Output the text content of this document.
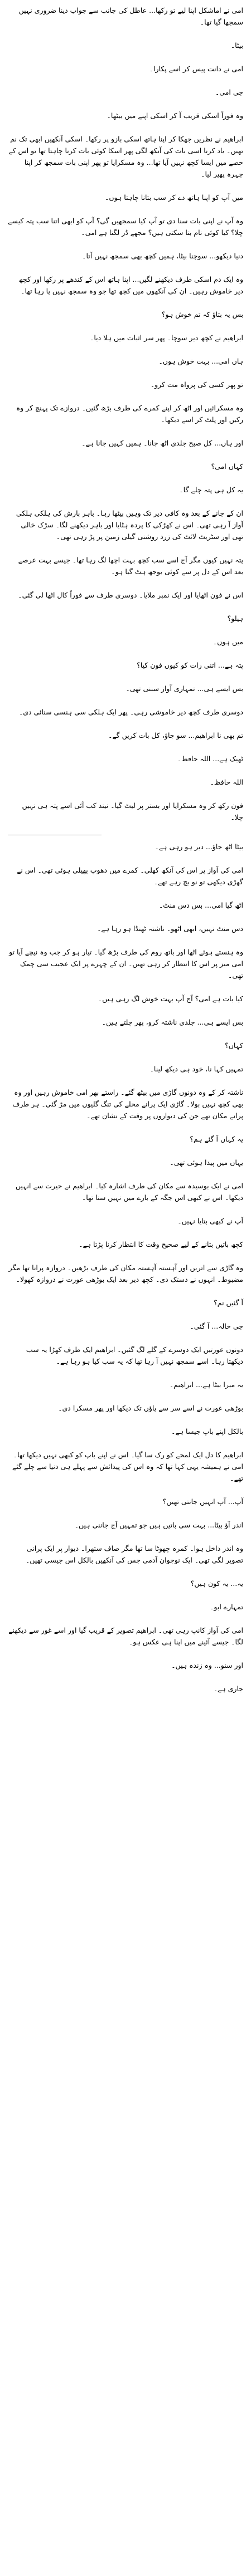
امی نے اماشکل اپنا لیے تو رکھا... عاطل کی جانب سے جواب دینا ضروری نہیں سمجھا گیا تھا۔

بیٹا۔

امی نے دانت پیس کر اسے پکارا۔

جی امی۔

وہ فوراً اسکی قریب آ کر اسکی اپنے میں بیٹھا۔

ابراھیم نے نظریں جھکا کر اپنا ہاتھ اسکی بازو پر رکھا۔ اسکی آنکھیں ابھی تک نم تھیں۔ یاد کرنا اسی بات کی آنکھ لگی پھر اسکا کوئی بات کرنا چاہتا تھا تو اس کے حصے میں ایسا کچھ نہیں آیا تھا... وہ مسکرایا تو پھر اپنی بات سمجھ کر اپنا چہرہ پھیر لیا۔

میں آپ کو اپنا ہاتھ دے کر سب بتانا چاہتا ہوں۔

وہ آپ نے اپنی بات سنا دی تو آپ کیا سمجھیں گی؟ آپ کو ابھی اتنا سب پتہ کیسے چلا؟ کیا کوئی نام بتا سکتی ہیں؟ مجھے ڈر لگتا ہے امی۔

دنیا دیکھو... سوچنا بیٹا، ہمیں کچھ بھی سمجھ نہیں آتا۔

وہ ایک دم اسکی طرف دیکھنے لگیں... اپنا ہاتھ اس کے کندھے پر رکھا اور کچھ دیر خاموش رہیں۔ ان کی آنکھوں میں کچھ تھا جو وہ سمجھ نہیں پا رہا تھا۔

بس یہ بتاؤ کہ تم خوش ہو؟

ابراھیم نے کچھ دیر سوچا۔ پھر سر اثبات میں ہلا دیا۔

ہاں امی... بہت خوش ہوں۔

تو پھر کسی کی پرواہ مت کرو۔

وہ مسکرائیں اور اٹھ کر اپنے کمرے کی طرف بڑھ گئیں۔ دروازے تک پہنچ کر وہ رکیں اور پلٹ کر اسے دیکھا۔

اور ہاں... کل صبح جلدی اٹھ جانا۔ ہمیں کہیں جانا ہے۔

کہاں امی؟

یہ کل ہی پتہ چلے گا۔

ان کے جانے کے بعد وہ کافی دیر تک وہیں بیٹھا رہا۔ باہر بارش کی ہلکی ہلکی آواز آ رہی تھی۔ اس نے کھڑکی کا پردہ ہٹایا اور باہر دیکھنے لگا۔ سڑک خالی تھی اور سٹریٹ لائٹ کی زرد روشنی گیلی زمین پر پڑ رہی تھی۔

پتہ نہیں کیوں مگر آج اسے سب کچھ بہت اچھا لگ رہا تھا۔ جیسے بہت عرصے بعد اس کے دل پر سے کوئی بوجھ ہٹ گیا ہو۔

اس نے فون اٹھایا اور ایک نمبر ملایا۔ دوسری طرف سے فوراً کال اٹھا لی گئی۔

ہیلو؟

میں ہوں۔

پتہ ہے... اتنی رات کو کیوں فون کیا؟

بس ایسے ہی... تمہاری آواز سننی تھی۔

دوسری طرف کچھ دیر خاموشی رہی۔ پھر ایک ہلکی سی ہنسی سنائی دی۔

تم بھی نا ابراھیم... سو جاؤ، کل بات کریں گے۔

ٹھیک ہے... اللہ حافظ۔

اللہ حافظ۔

فون رکھ کر وہ مسکرایا اور بستر پر لیٹ گیا۔ نیند کب آئی اسے پتہ ہی نہیں چلا۔

بیٹا اٹھ جاؤ... دیر ہو رہی ہے۔

امی کی آواز پر اس کی آنکھ کھلی۔ کمرے میں دھوپ پھیلی ہوئی تھی۔ اس نے گھڑی دیکھی تو نو بج رہے تھے۔

اٹھ گیا امی... بس دس منٹ۔

دس منٹ نہیں، ابھی اٹھو۔ ناشتہ ٹھنڈا ہو رہا ہے۔

وہ ہنستے ہوئے اٹھا اور باتھ روم کی طرف بڑھ گیا۔ تیار ہو کر جب وہ نیچے آیا تو امی میز پر اس کا انتظار کر رہی تھیں۔ ان کے چہرے پر ایک عجیب سی چمک تھی۔

کیا بات ہے امی؟ آج آپ بہت خوش لگ رہی ہیں۔

بس ایسے ہی... جلدی ناشتہ کرو، پھر چلتے ہیں۔

کہاں؟

تمہیں کہا نا، خود ہی دیکھ لینا۔

ناشتہ کر کے وہ دونوں گاڑی میں بیٹھ گئے۔ راستے بھر امی خاموش رہیں اور وہ بھی کچھ نہیں بولا۔ گاڑی ایک پرانے محلے کی تنگ گلیوں میں مڑ گئی۔ ہر طرف پرانے مکان تھے جن کی دیواروں پر وقت کے نشان تھے۔

یہ کہاں آ گئے ہم؟

یہاں میں پیدا ہوئی تھی۔

امی نے ایک بوسیدہ سے مکان کی طرف اشارہ کیا۔ ابراھیم نے حیرت سے انہیں دیکھا۔ اس نے کبھی اس جگہ کے بارے میں نہیں سنا تھا۔

آپ نے کبھی بتایا نہیں۔

کچھ باتیں بتانے کے لیے صحیح وقت کا انتظار کرنا پڑتا ہے۔

وہ گاڑی سے اتریں اور آہستہ آہستہ مکان کی طرف بڑھیں۔ دروازہ پرانا تھا مگر مضبوط۔ انہوں نے دستک دی۔ کچھ دیر بعد ایک بوڑھی عورت نے دروازہ کھولا۔

آ گئیں تم؟

جی خالہ... آ گئی۔

دونوں عورتیں ایک دوسرے کے گلے لگ گئیں۔ ابراھیم ایک طرف کھڑا یہ سب دیکھتا رہا۔ اسے سمجھ نہیں آ رہا تھا کہ یہ سب کیا ہو رہا ہے۔

یہ میرا بیٹا ہے... ابراھیم۔

بوڑھی عورت نے اسے سر سے پاؤں تک دیکھا اور پھر مسکرا دی۔

بالکل اپنے باپ جیسا ہے۔

ابراھیم کا دل ایک لمحے کو رک سا گیا۔ اس نے اپنے باپ کو کبھی نہیں دیکھا تھا۔ امی نے ہمیشہ یہی کہا تھا کہ وہ اس کی پیدائش سے پہلے ہی دنیا سے چلے گئے تھے۔

آپ... آپ انہیں جانتی تھیں؟

اندر آؤ بیٹا... بہت سی باتیں ہیں جو تمہیں آج جاننی ہیں۔

وہ اندر داخل ہوا۔ کمرہ چھوٹا سا تھا مگر صاف ستھرا۔ دیوار پر ایک پرانی تصویر لگی تھی۔ ایک نوجوان آدمی جس کی آنکھیں بالکل اس جیسی تھیں۔

یہ... یہ کون ہیں؟

تمہارے ابو۔

امی کی آواز کانپ رہی تھی۔ ابراھیم تصویر کے قریب گیا اور اسے غور سے دیکھنے لگا۔ جیسے آئینے میں اپنا ہی عکس ہو۔

اور سنو... وہ زندہ ہیں۔

جاری ہے۔
